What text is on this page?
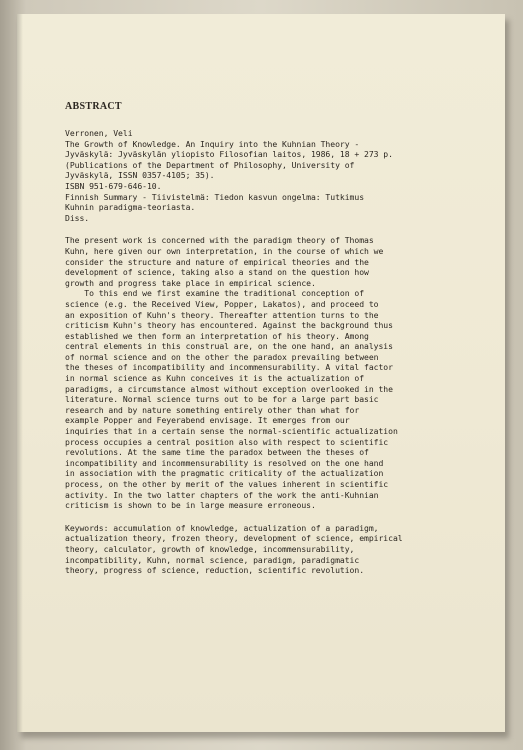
ABSTRACT
Verronen, Veli
The Growth of Knowledge. An Inquiry into the Kuhnian Theory -
Jyväskylä: Jyväskylän yliopisto Filosofian laitos, 1986, 18 + 273 p.
(Publications of the Department of Philosophy, University of
Jyväskylä, ISSN 0357-4105; 35).
ISBN 951-679-646-10.
Finnish Summary - Tiivistelmä: Tiedon kasvun ongelma: Tutkimus
Kuhnin paradigma-teoriasta.
Diss.
The present work is concerned with the paradigm theory of Thomas
Kuhn, here given our own interpretation, in the course of which we
consider the structure and nature of empirical theories and the
development of science, taking also a stand on the question how
growth and progress take place in empirical science.
To this end we first examine the traditional conception of
science (e.g. the Received View, Popper, Lakatos), and proceed to
an exposition of Kuhn's theory. Thereafter attention turns to the
criticism Kuhn's theory has encountered. Against the background thus
established we then form an interpretation of his theory. Among
central elements in this construal are, on the one hand, an analysis
of normal science and on the other the paradox prevailing between
the theses of incompatibility and incommensurability. A vital factor
in normal science as Kuhn conceives it is the actualization of
paradigms, a circumstance almost without exception overlooked in the
literature. Normal science turns out to be for a large part basic
research and by nature something entirely other than what for
example Popper and Feyerabend envisage. It emerges from our
inquiries that in a certain sense the normal-scientific actualization
process occupies a central position also with respect to scientific
revolutions. At the same time the paradox between the theses of
incompatibility and incommensurability is resolved on the one hand
in association with the pragmatic criticality of the actualization
process, on the other by merit of the values inherent in scientific
activity. In the two latter chapters of the work the anti-Kuhnian
criticism is shown to be in large measure erroneous.
Keywords: accumulation of knowledge, actualization of a paradigm,
actualization theory, frozen theory, development of science, empirical
theory, calculator, growth of knowledge, incommensurability,
incompatibility, Kuhn, normal science, paradigm, paradigmatic
theory, progress of science, reduction, scientific revolution.
